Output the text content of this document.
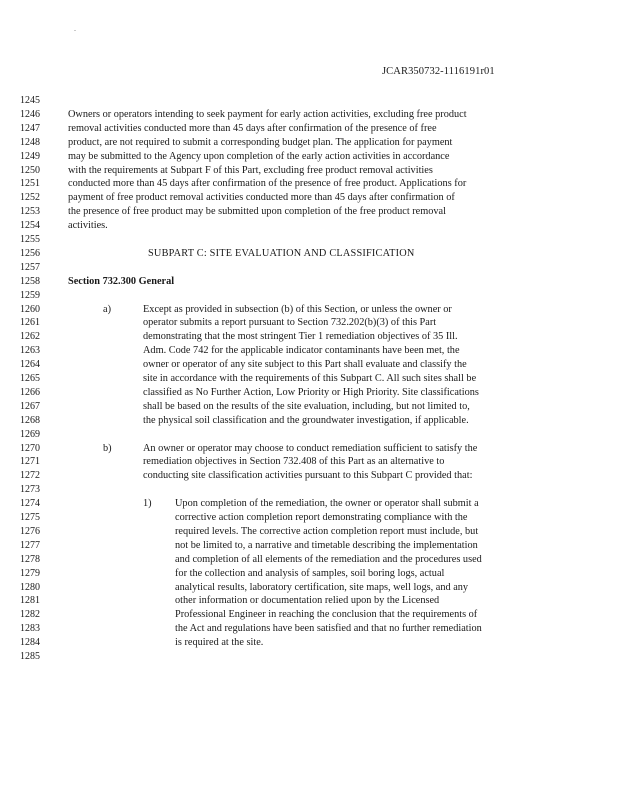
.
JCAR350732-1116191r01
1245
1246	Owners or operators intending to seek payment for early action activities, excluding free product
1247	removal activities conducted more than 45 days after confirmation of the presence of free
1248	product, are not required to submit a corresponding budget plan. The application for payment
1249	may be submitted to the Agency upon completion of the early action activities in accordance
1250	with the requirements at Subpart F of this Part, excluding free product removal activities
1251	conducted more than 45 days after confirmation of the presence of free product. Applications for
1252	payment of free product removal activities conducted more than 45 days after confirmation of
1253	the presence of free product may be submitted upon completion of the free product removal
1254	activities.
1255
1256	SUBPART C: SITE EVALUATION AND CLASSIFICATION
1257
1258	Section 732.300 General
1259
1260	a)	Except as provided in subsection (b) of this Section, or unless the owner or
1261	operator submits a report pursuant to Section 732.202(b)(3) of this Part
1262	demonstrating that the most stringent Tier 1 remediation objectives of 35 Ill.
1263	Adm. Code 742 for the applicable indicator contaminants have been met, the
1264	owner or operator of any site subject to this Part shall evaluate and classify the
1265	site in accordance with the requirements of this Subpart C. All such sites shall be
1266	classified as No Further Action, Low Priority or High Priority. Site classifications
1267	shall be based on the results of the site evaluation, including, but not limited to,
1268	the physical soil classification and the groundwater investigation, if applicable.
1269
1270	b)	An owner or operator may choose to conduct remediation sufficient to satisfy the
1271	remediation objectives in Section 732.408 of this Part as an alternative to
1272	conducting site classification activities pursuant to this Subpart C provided that:
1273
1274	1) Upon completion of the remediation, the owner or operator shall submit a
1275	corrective action completion report demonstrating compliance with the
1276	required levels. The corrective action completion report must include, but
1277	not be limited to, a narrative and timetable describing the implementation
1278	and completion of all elements of the remediation and the procedures used
1279	for the collection and analysis of samples, soil boring logs, actual
1280	analytical results, laboratory certification, site maps, well logs, and any
1281	other information or documentation relied upon by the Licensed
1282	Professional Engineer in reaching the conclusion that the requirements of
1283	the Act and regulations have been satisfied and that no further remediation
1284	is required at the site.
1285
